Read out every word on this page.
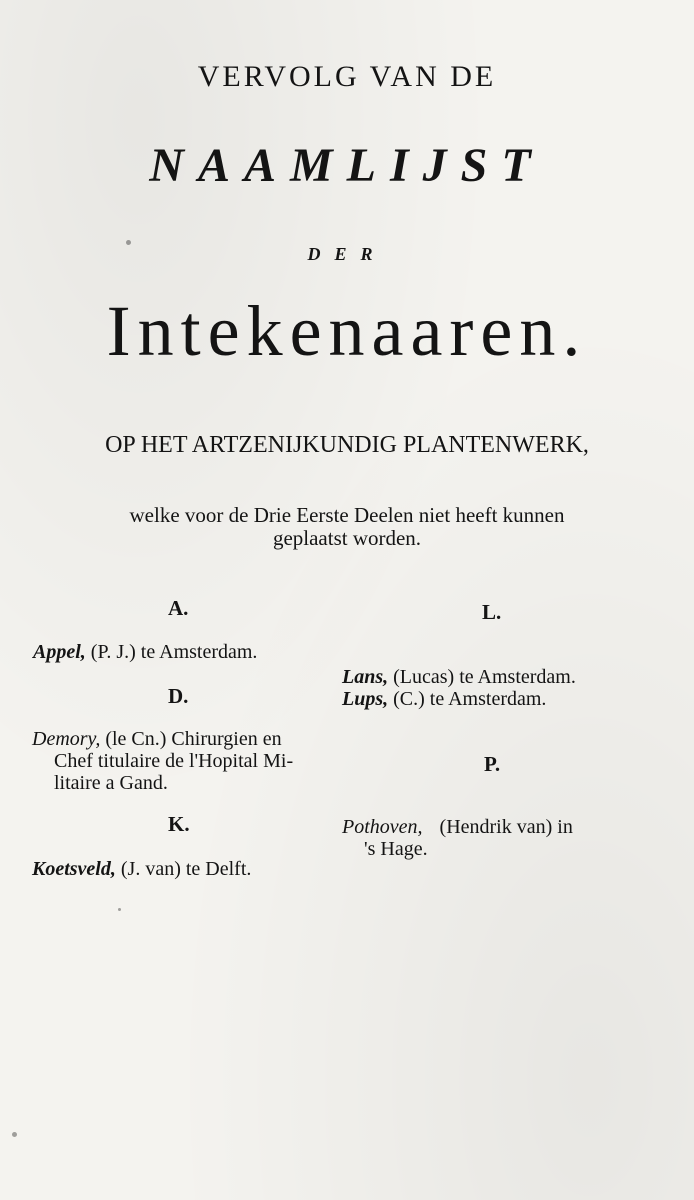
VERVOLG VAN DE
NAAMLIJST
DER
Intekenaaren.
OP HET ARTZENIJKUNDIG PLANTENWERK,
welke voor de Drie Eerste Deelen niet heeft kunnen
geplaatst worden.
A.
Appel, (P. J.) te Amsterdam.
D.
Demory, (le Cn.) Chirurgien en
Chef titulaire de l'Hopital Mi-
litaire a Gand.
K.
Koetsveld, (J. van) te Delft.
L.
Lans, (Lucas) te Amsterdam.
Lups, (C.) te Amsterdam.
P.
Pothoven, (Hendrik van) in
's Hage.
